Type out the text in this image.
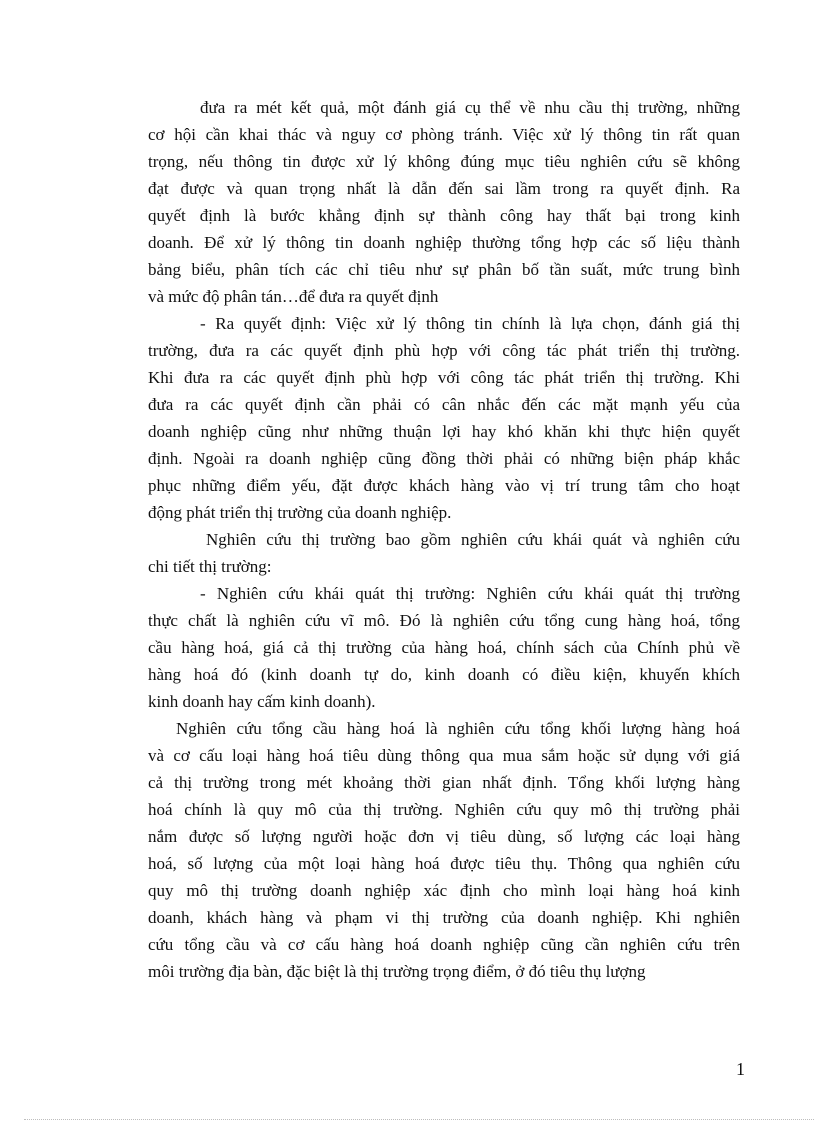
đưa ra mét kết quả, một đánh giá cụ thể về nhu cầu thị trường, những
cơ hội cần khai thác và nguy cơ phòng tránh. Việc xử lý thông tin rất quan
trọng, nếu thông tin được xử lý không đúng mục tiêu nghiên cứu sẽ không
đạt được và quan trọng nhất là dẫn đến sai lầm trong ra quyết định. Ra
quyết định là bước khẳng định sự thành công hay thất bại trong kinh
doanh. Để xử lý thông tin doanh nghiệp thường tổng hợp các số liệu thành
bảng biểu, phân tích các chỉ tiêu như sự phân bố tần suất, mức trung bình
và mức độ phân tán…để đưa ra quyết định
- Ra quyết định: Việc xử lý thông tin chính là lựa chọn, đánh giá thị
trường, đưa ra các quyết định phù hợp với công tác phát triển thị trường.
Khi đưa ra các quyết định phù hợp với công tác phát triển thị trường. Khi
đưa ra các quyết định cần phải có cân nhắc đến các mặt mạnh yếu của
doanh nghiệp cũng như những thuận lợi hay khó khăn khi thực hiện quyết
định. Ngoài ra doanh nghiệp cũng đồng thời phải có những biện pháp khắc
phục những điểm yếu, đặt được khách hàng vào vị trí trung tâm cho hoạt
động phát triển thị trường của doanh nghiệp.
Nghiên cứu thị trường bao gồm nghiên cứu khái quát và nghiên cứu
chi tiết thị trường:
- Nghiên cứu khái quát thị trường: Nghiên cứu khái quát thị trường
thực chất là nghiên cứu vĩ mô. Đó là nghiên cứu tổng cung hàng hoá, tổng
cầu hàng hoá, giá cả thị trường của hàng hoá, chính sách của Chính phủ về
hàng hoá đó (kinh doanh tự do, kinh doanh có điều kiện, khuyến khích
kinh doanh hay cấm kinh doanh).
Nghiên cứu tổng cầu hàng hoá là nghiên cứu tổng khối lượng hàng hoá
và cơ cấu loại hàng hoá tiêu dùng thông qua mua sắm hoặc sử dụng với giá
cả thị trường trong mét khoảng thời gian nhất định. Tổng khối lượng hàng
hoá chính là quy mô của thị trường. Nghiên cứu quy mô thị trường phải
nắm được số lượng người hoặc đơn vị tiêu dùng, số lượng các loại hàng
hoá, số lượng của một loại hàng hoá được tiêu thụ. Thông qua nghiên cứu
quy mô thị trường doanh nghiệp xác định cho mình loại hàng hoá kinh
doanh, khách hàng và phạm vi thị trường của doanh nghiệp. Khi nghiên
cứu tổng cầu và cơ cấu hàng hoá doanh nghiệp cũng cần nghiên cứu trên
môi trường địa bàn, đặc biệt là thị trường trọng điểm, ở đó tiêu thụ lượng
1
